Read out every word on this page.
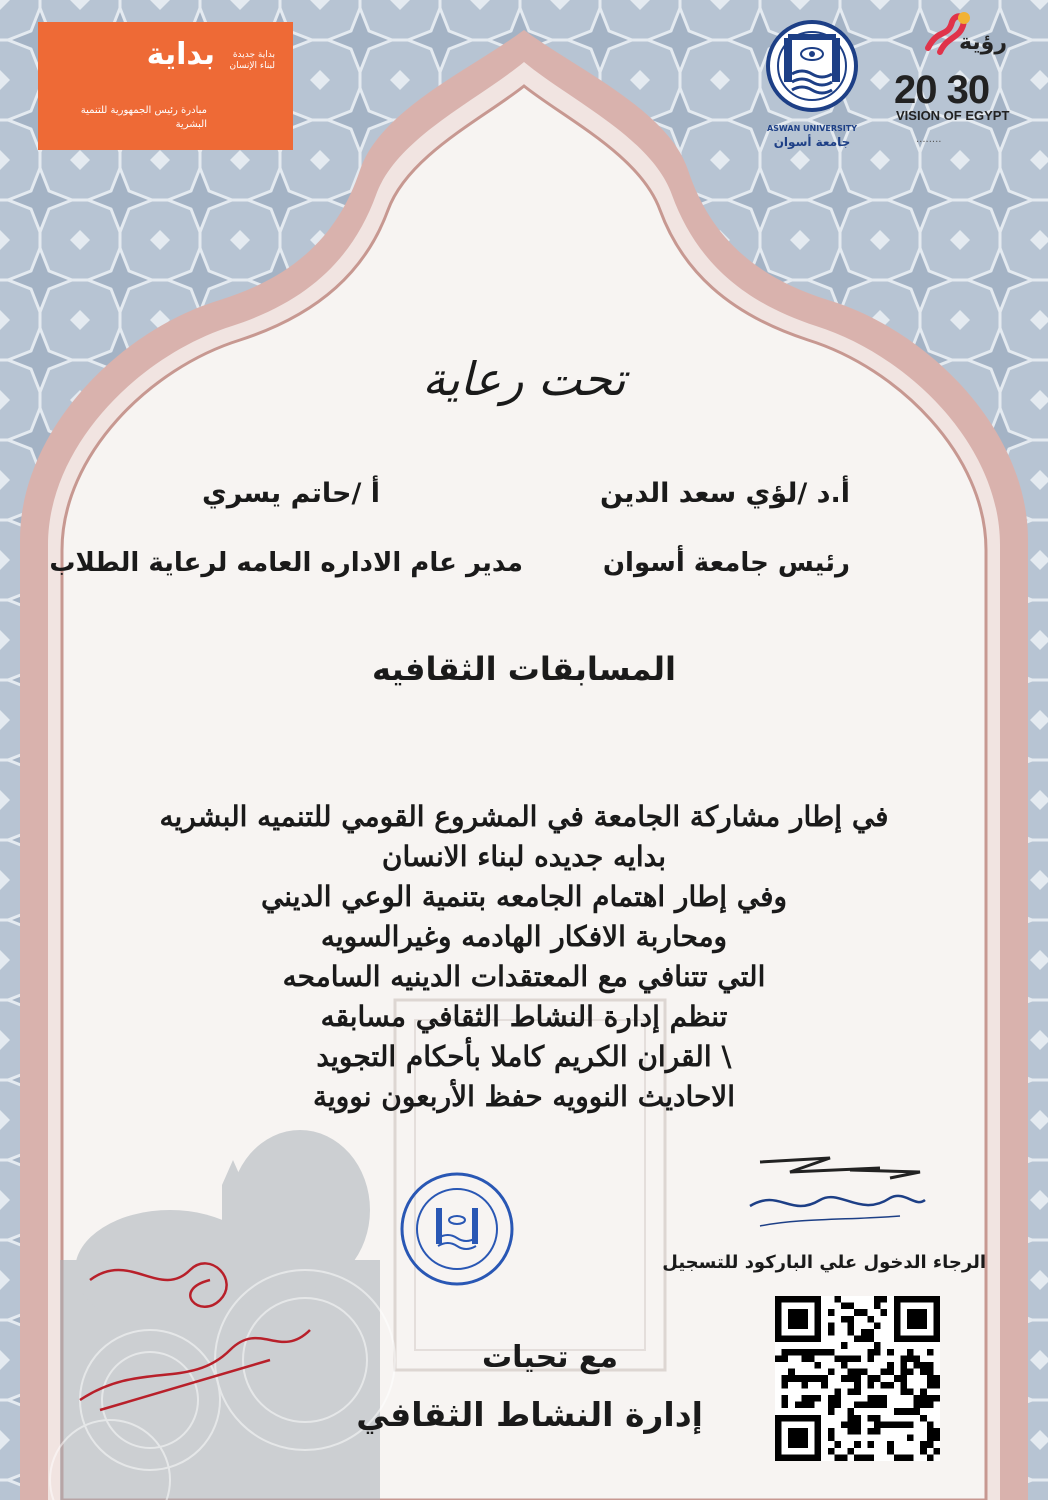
بداية	بداية جديدة لبناء الإنسان
مبادرة رئيس الجمهورية للتنمية البشرية	ASWAN UNIVERSITY
جامعة أسوان
رؤية
20 30
VISION OF EGYPT
........
تحت رعاية
أ.د /لؤي سعد الدين
أ /حاتم يسري
رئيس جامعة أسوان
مدير عام الاداره العامه لرعاية الطلاب
المسابقات الثقافيه
في إطار مشاركة الجامعة في المشروع القومي للتنميه البشريه
بدايه جديده لبناء الانسان
وفي إطار اهتمام الجامعه بتنمية الوعي الديني
ومحاربة الافكار الهادمه وغيرالسويه
التي تتنافي مع المعتقدات الدينيه السامحه
تنظم إدارة النشاط الثقافي مسابقه
\ القران الكريم كاملا بأحكام التجويد
الاحاديث النوويه حفظ الأربعون نووية
الرجاء الدخول علي الباركود للتسجيل
مع تحيات
إدارة النشاط الثقافي
